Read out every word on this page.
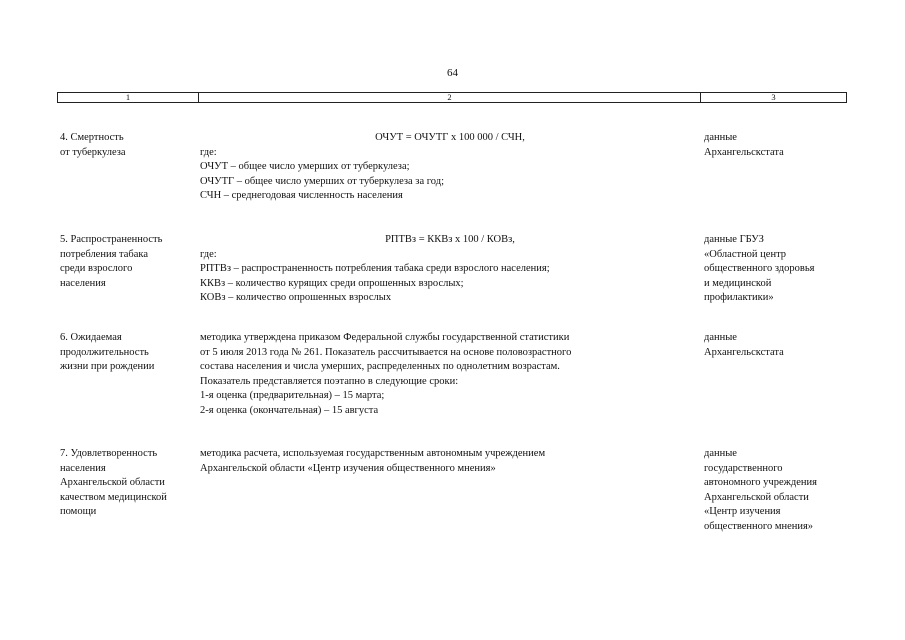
64
1	2	3
4. Смертность
от туберкулеза
ОЧУТ = ОЧУТГ х 100 000 / СЧН,
где:
ОЧУТ – общее число умерших от туберкулеза;
ОЧУТГ – общее число умерших от туберкулеза за год;
СЧН – среднегодовая численность населения
данные
Архангельскстата
5. Распространенность
потребления табака
среди взрослого
населения
РПТВз = ККВз х 100 / КОВз,
где:
РПТВз – распространенность потребления табака среди взрослого населения;
ККВз – количество курящих среди опрошенных взрослых;
КОВз – количество опрошенных взрослых
данные ГБУЗ
«Областной центр
общественного здоровья
и медицинской
профилактики»
6. Ожидаемая
продолжительность
жизни при рождении
методика утверждена приказом Федеральной службы государственной статистики
от 5 июля 2013 года № 261. Показатель рассчитывается на основе половозрастного
состава населения и числа умерших, распределенных по однолетним возрастам.
Показатель представляется поэтапно в следующие сроки:
1-я оценка (предварительная) – 15 марта;
2-я оценка (окончательная) – 15 августа
данные
Архангельскстата
7. Удовлетворенность
населения
Архангельской области
качеством медицинской
помощи
методика расчета, используемая государственным автономным учреждением
Архангельской области «Центр изучения общественного мнения»
данные
государственного
автономного учреждения
Архангельской области
«Центр изучения
общественного мнения»
